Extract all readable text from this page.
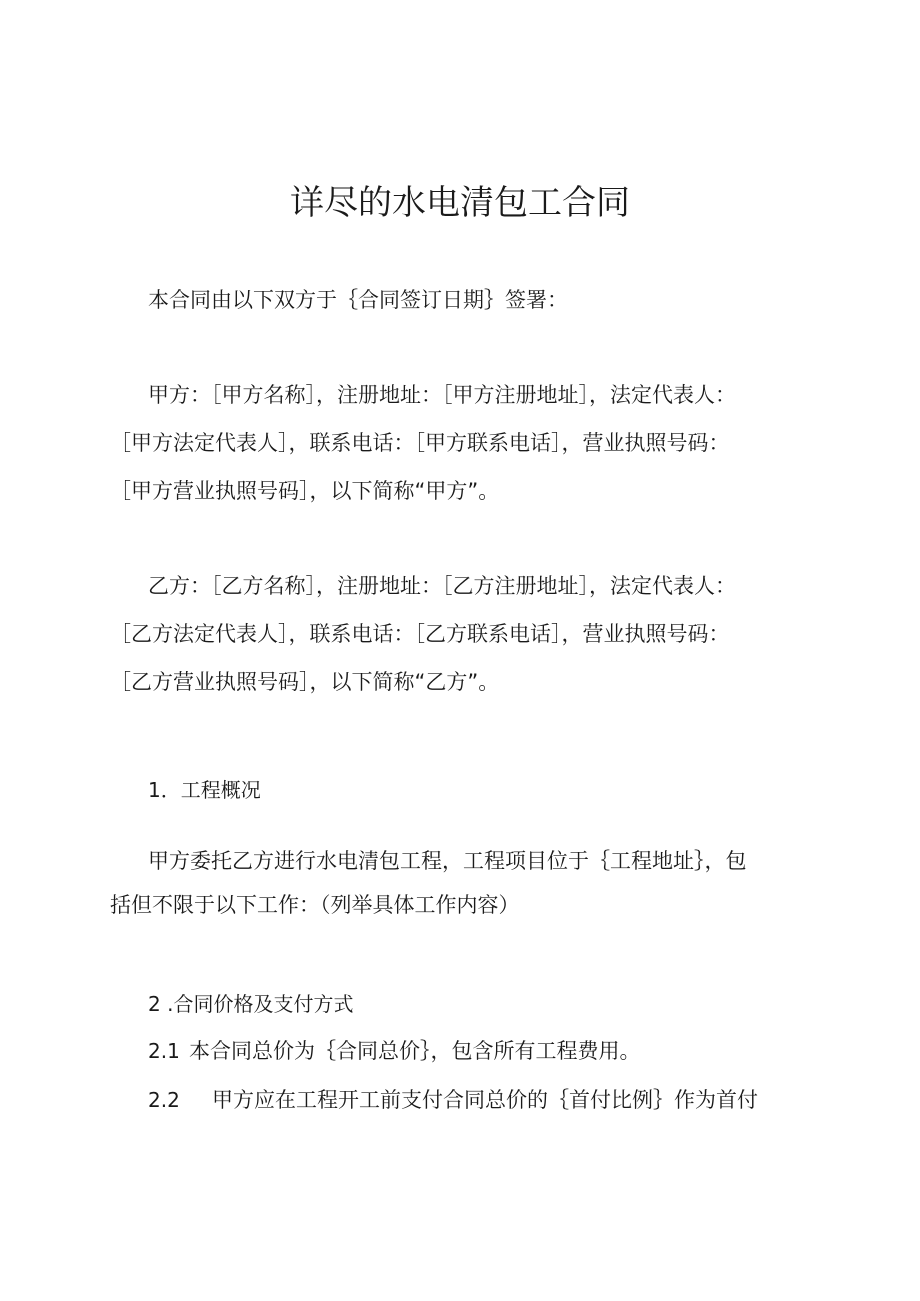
详尽的水电清包工合同

本合同由以下双方于｛合同签订日期｝签署：

甲方：［甲方名称］，注册地址：［甲方注册地址］，法定代表人：

［甲方法定代表人］，联系电话：［甲方联系电话］，营业执照号码：

［甲方营业执照号码］，以下简称“甲方”。

乙方：［乙方名称］，注册地址：［乙方注册地址］，法定代表人：

［乙方法定代表人］，联系电话：［乙方联系电话］，营业执照号码：

［乙方营业执照号码］，以下简称“乙方”。

1．工程概况

甲方委托乙方进行水电清包工程，工程项目位于｛工程地址｝，包

括但不限于以下工作：（列举具体工作内容）

2 .合同价格及支付方式

2.1 本合同总价为｛合同总价｝，包含所有工程费用。
2.2 甲方应在工程开工前支付合同总价的｛首付比例｝作为首付
